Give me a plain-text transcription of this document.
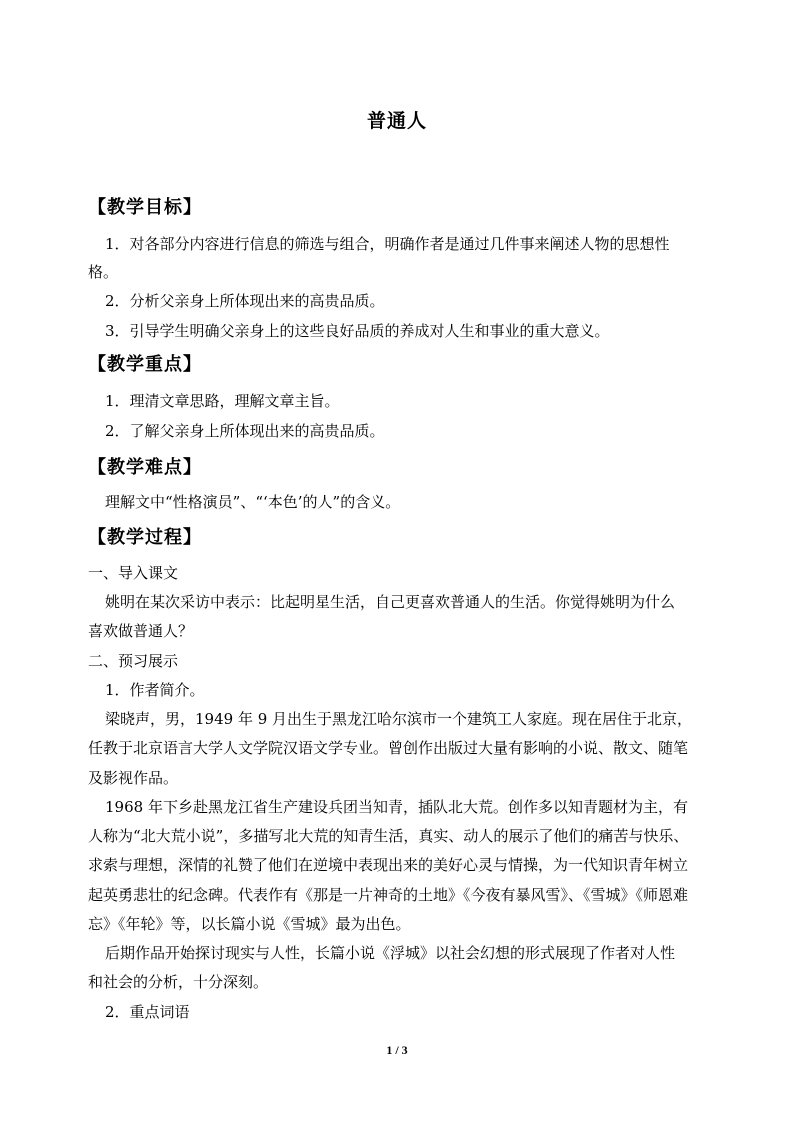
普通人
【教学目标】
1．对各部分内容进行信息的筛选与组合，明确作者是通过几件事来阐述人物的思想性
格。
2．分析父亲身上所体现出来的高贵品质。
3．引导学生明确父亲身上的这些良好品质的养成对人生和事业的重大意义。
【教学重点】
1．理清文章思路，理解文章主旨。
2．了解父亲身上所体现出来的高贵品质。
【教学难点】
理解文中“性格演员”、“‘本色’的人”的含义。
【教学过程】
一、导入课文
姚明在某次采访中表示：比起明星生活，自己更喜欢普通人的生活。你觉得姚明为什么
喜欢做普通人？
二、预习展示
1．作者简介。
梁晓声，男，1949 年 9 月出生于黑龙江哈尔滨市一个建筑工人家庭。现在居住于北京，
任教于北京语言大学人文学院汉语文学专业。曾创作出版过大量有影响的小说、散文、随笔
及影视作品。
1968 年下乡赴黑龙江省生产建设兵团当知青，插队北大荒。创作多以知青题材为主，有
人称为“北大荒小说”，多描写北大荒的知青生活，真实、动人的展示了他们的痛苦与快乐、
求索与理想，深情的礼赞了他们在逆境中表现出来的美好心灵与情操，为一代知识青年树立
起英勇悲壮的纪念碑。代表作有《那是一片神奇的土地》《今夜有暴风雪》、《雪城》《师恩难
忘》《年轮》等，以长篇小说《雪城》最为出色。
后期作品开始探讨现实与人性，长篇小说《浮城》以社会幻想的形式展现了作者对人性
和社会的分析，十分深刻。
2．重点词语
1 / 3
